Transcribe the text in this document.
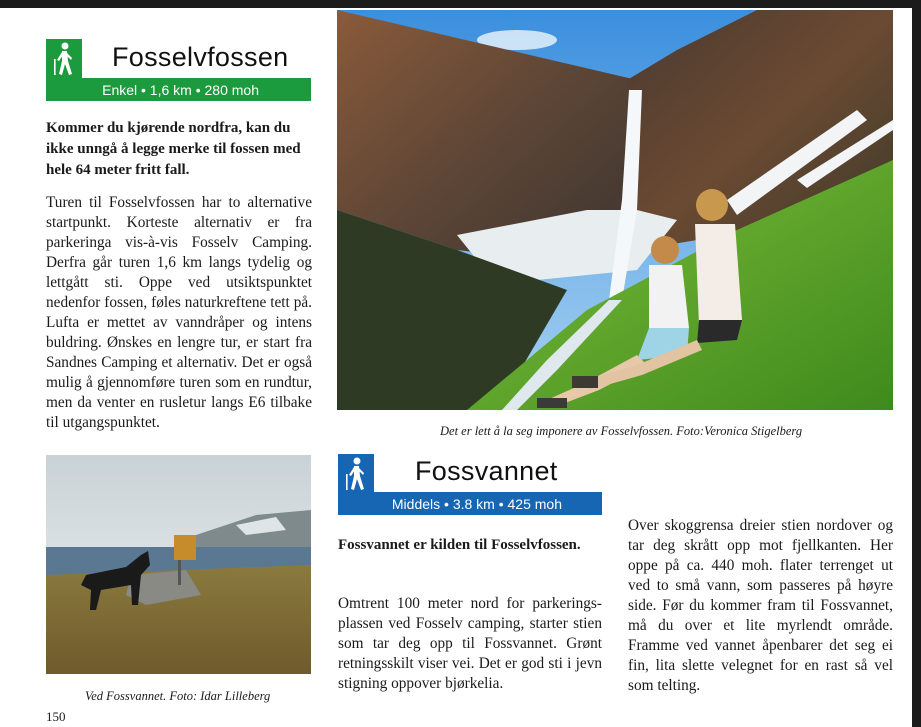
Fosselvfossen
Enkel • 1,6 km • 280 moh

Kommer du kjørende nordfra, kan du ikke unngå å legge merke til fossen med hele 64 meter fritt fall.

Turen til Fosselvfossen har to alternative startpunkt. Korteste alternativ er fra parkeringa vis-à-vis Fosselv Camping. Derfra går turen 1,6 km langs tydelig og lettgått sti. Oppe ved utsiktspunktet nedenfor fossen, føles naturkreftene tett på. Lufta er mettet av vanndråper og intens buldring. Ønskes en lengre tur, er start fra Sandnes Camping et alternativ. Det er også mulig å gjennomføre turen som en rundtur, men da venter en rusletur langs E6 tilbake til utgangspunktet.	Det er lett å la seg imponere av Fosselvfossen. Foto:Veronica Stigelberg
Ved Fossvannet. Foto: Idar Lilleberg
Fossvannet
Middels • 3.8 km • 425 moh

Fossvannet er kilden til Fosselvfossen.

Omtrent 100 meter nord for parkeringsplassen ved Fosselv camping, starter stien som tar deg opp til Fossvannet. Grønt retningsskilt viser vei. Det er god sti i jevn stigning oppover bjørkelia.

Over skoggrensa dreier stien nordover og tar deg skrått opp mot fjellkanten. Her oppe på ca. 440 moh. flater terrenget ut ved to små vann, som passeres på høyre side. Før du kommer fram til Fossvannet, må du over et lite myrlendt område. Framme ved vannet åpenbarer det seg ei fin, lita slette velegnet for en rast så vel som telting.

150
